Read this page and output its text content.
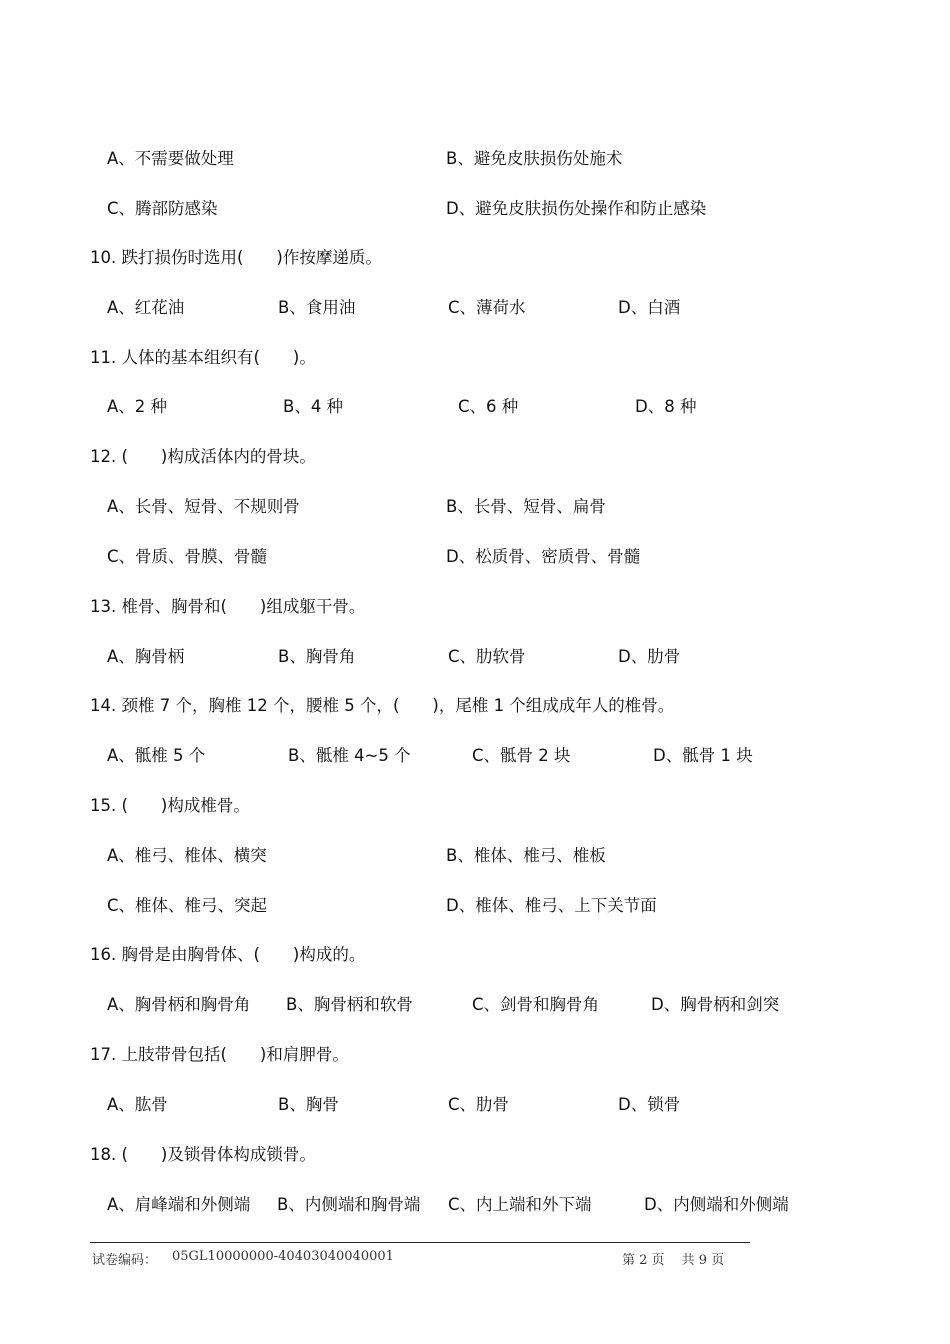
A、不需要做处理	B、避免皮肤损伤处施术
C、腾部防感染	D、避免皮肤损伤处操作和防止感染
10. 跌打损伤时选用(　　)作按摩递质。
A、红花油	B、食用油	C、薄荷水	D、白酒
11. 人体的基本组织有(　　)。
A、2 种	B、4 种	C、6 种	D、8 种
12. (　　)构成活体内的骨块。
A、长骨、短骨、不规则骨	B、长骨、短骨、扁骨
C、骨质、骨膜、骨髓	D、松质骨、密质骨、骨髓
13. 椎骨、胸骨和(　　)组成躯干骨。
A、胸骨柄	B、胸骨角	C、肋软骨	D、肋骨
14. 颈椎 7 个，胸椎 12 个，腰椎 5 个，(　　)，尾椎 1 个组成成年人的椎骨。
A、骶椎 5 个	B、骶椎 4~5 个	C、骶骨 2 块	D、骶骨 1 块
15. (　　)构成椎骨。
A、椎弓、椎体、横突	B、椎体、椎弓、椎板
C、椎体、椎弓、突起	D、椎体、椎弓、上下关节面
16. 胸骨是由胸骨体、(　　)构成的。
A、胸骨柄和胸骨角 B、胸骨柄和软骨	C、剑骨和胸骨角	D、胸骨柄和剑突
17. 上肢带骨包括(　　)和肩胛骨。
A、肱骨	B、胸骨	C、肋骨	D、锁骨
18. (　　)及锁骨体构成锁骨。
A、肩峰端和外侧端 B、内侧端和胸骨端 C、内上端和外下端	D、内侧端和外侧端
试卷编码： 05GL10000000-40403040040001	第 2 页　 共 9 页
